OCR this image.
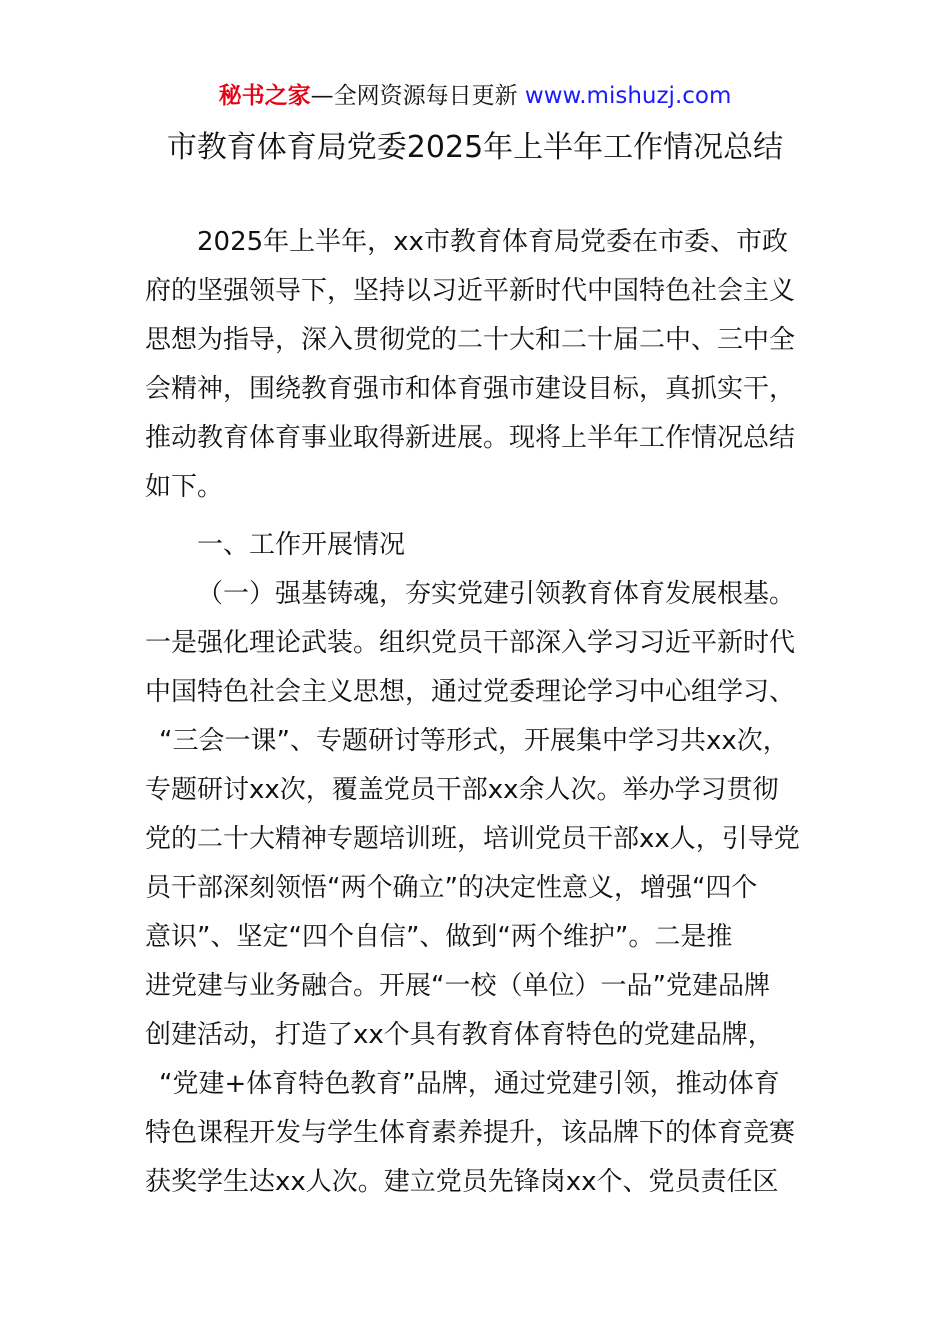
秘书之家—全网资源每日更新 www.mishuzj.com
市教育体育局党委2025年上半年工作情况总结
2025年上半年，xx市教育体育局党委在市委、市政
府的坚强领导下，坚持以习近平新时代中国特色社会主义
思想为指导，深入贯彻党的二十大和二十届二中、三中全
会精神，围绕教育强市和体育强市建设目标，真抓实干，
推动教育体育事业取得新进展。现将上半年工作情况总结
如下。
一、工作开展情况
（一）强基铸魂，夯实党建引领教育体育发展根基。
一是强化理论武装。组织党员干部深入学习习近平新时代
中国特色社会主义思想，通过党委理论学习中心组学习、
“三会一课”、专题研讨等形式，开展集中学习共xx次，
专题研讨xx次，覆盖党员干部xx余人次。举办学习贯彻
党的二十大精神专题培训班，培训党员干部xx人，引导党
员干部深刻领悟“两个确立”的决定性意义，增强“四个
意识”、坚定“四个自信”、做到“两个维护”。二是推
进党建与业务融合。开展“一校（单位）一品”党建品牌
创建活动，打造了xx个具有教育体育特色的党建品牌，
“党建+体育特色教育”品牌，通过党建引领，推动体育
特色课程开发与学生体育素养提升，该品牌下的体育竞赛
获奖学生达xx人次。建立党员先锋岗xx个、党员责任区
